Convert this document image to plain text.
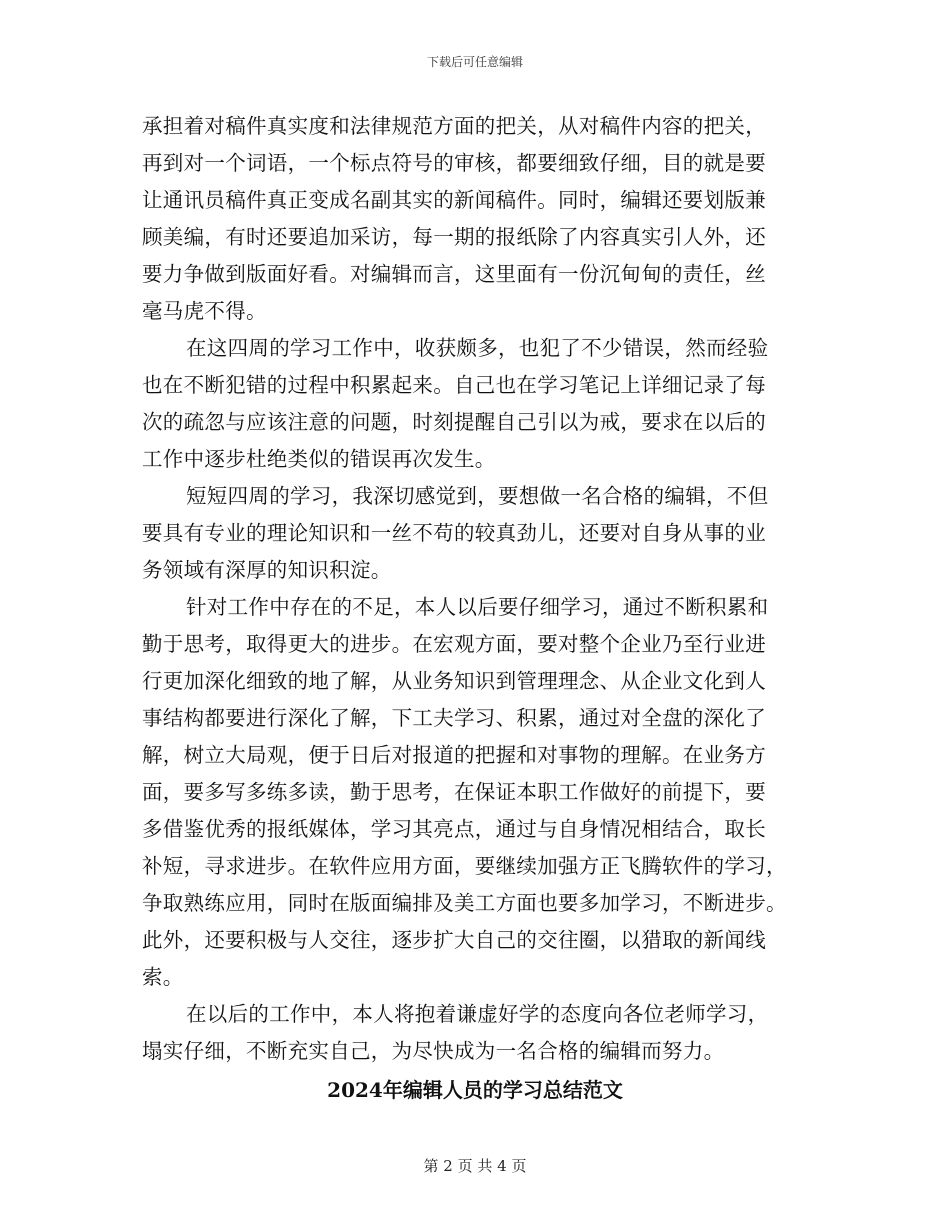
下载后可任意编辑
承担着对稿件真实度和法律规范方面的把关，从对稿件内容的把关，
再到对一个词语，一个标点符号的审核，都要细致仔细，目的就是要
让通讯员稿件真正变成名副其实的新闻稿件。同时，编辑还要划版兼
顾美编，有时还要追加采访，每一期的报纸除了内容真实引人外，还
要力争做到版面好看。对编辑而言，这里面有一份沉甸甸的责任，丝
毫马虎不得。
在这四周的学习工作中，收获颇多，也犯了不少错误，然而经验
也在不断犯错的过程中积累起来。自己也在学习笔记上详细记录了每
次的疏忽与应该注意的问题，时刻提醒自己引以为戒，要求在以后的
工作中逐步杜绝类似的错误再次发生。
短短四周的学习，我深切感觉到，要想做一名合格的编辑，不但
要具有专业的理论知识和一丝不苟的较真劲儿，还要对自身从事的业
务领域有深厚的知识积淀。
针对工作中存在的不足，本人以后要仔细学习，通过不断积累和
勤于思考，取得更大的进步。在宏观方面，要对整个企业乃至行业进
行更加深化细致的地了解，从业务知识到管理理念、从企业文化到人
事结构都要进行深化了解，下工夫学习、积累，通过对全盘的深化了
解，树立大局观，便于日后对报道的把握和对事物的理解。在业务方
面，要多写多练多读，勤于思考，在保证本职工作做好的前提下，要
多借鉴优秀的报纸媒体，学习其亮点，通过与自身情况相结合，取长
补短，寻求进步。在软件应用方面，要继续加强方正飞腾软件的学习，
争取熟练应用，同时在版面编排及美工方面也要多加学习，不断进步。
此外，还要积极与人交往，逐步扩大自己的交往圈，以猎取的新闻线
索。
在以后的工作中，本人将抱着谦虚好学的态度向各位老师学习，
塌实仔细，不断充实自己，为尽快成为一名合格的编辑而努力。
2024年编辑人员的学习总结范文
第 2 页 共 4 页
